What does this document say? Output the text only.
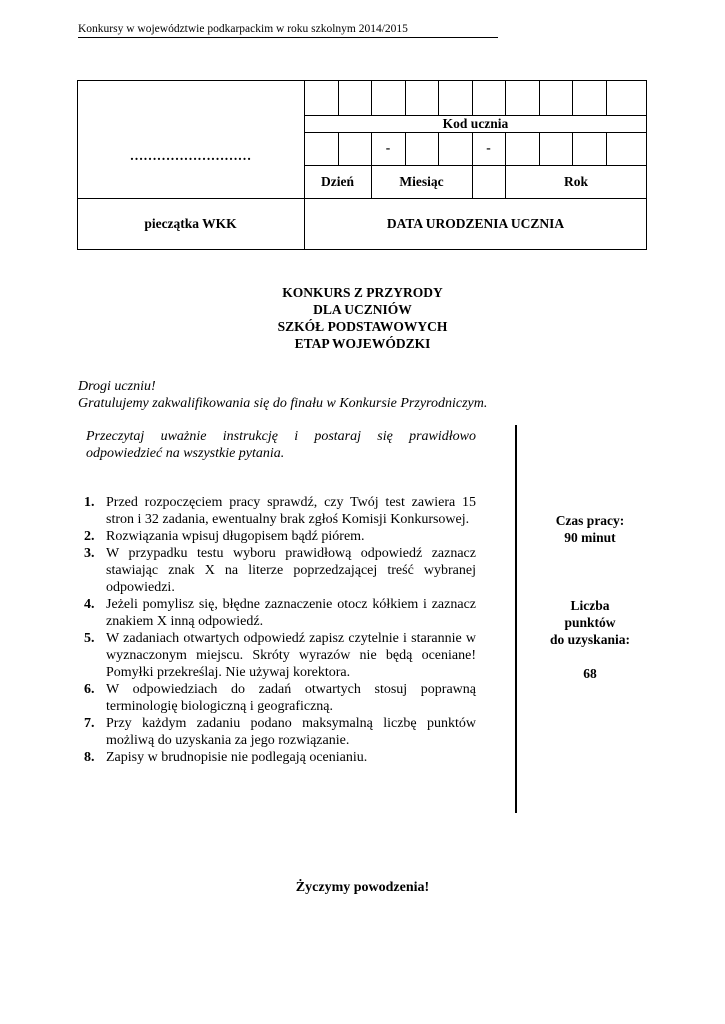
Konkursy w województwie podkarpackim w roku szkolnym 2014/2015
………………………
Kod ucznia
-	-
Dzień	Miesiąc	Rok
pieczątka WKK	DATA URODZENIA UCZNIA
KONKURS Z PRZYRODY
DLA UCZNIÓW
SZKÓŁ PODSTAWOWYCH
ETAP WOJEWÓDZKI
Drogi uczniu!
Gratulujemy zakwalifikowania się do finału w Konkursie Przyrodniczym.
Przeczytaj uważnie instrukcję i postaraj się prawidłowo odpowiedzieć na wszystkie pytania.
1. Przed rozpoczęciem pracy sprawdź, czy Twój test zawiera 15 stron i 32 zadania, ewentualny brak zgłoś Komisji Konkursowej.
2. Rozwiązania wpisuj długopisem bądź piórem.
3. W przypadku testu wyboru prawidłową odpowiedź zaznacz stawiając znak X na literze poprzedzającej treść wybranej odpowiedzi.
4. Jeżeli pomylisz się, błędne zaznaczenie otocz kółkiem i zaznacz znakiem X inną odpowiedź.
5. W zadaniach otwartych odpowiedź zapisz czytelnie i starannie w wyznaczonym miejscu. Skróty wyrazów nie będą oceniane! Pomyłki przekreślaj. Nie używaj korektora.
6. W odpowiedziach do zadań otwartych stosuj poprawną terminologię biologiczną i geograficzną.
7. Przy każdym zadaniu podano maksymalną liczbę punktów możliwą do uzyskania za jego rozwiązanie.
8. Zapisy w brudnopisie nie podlegają ocenianiu.
Czas pracy:
90 minut
Liczba
punktów
do uzyskania:
68
Życzymy powodzenia!
